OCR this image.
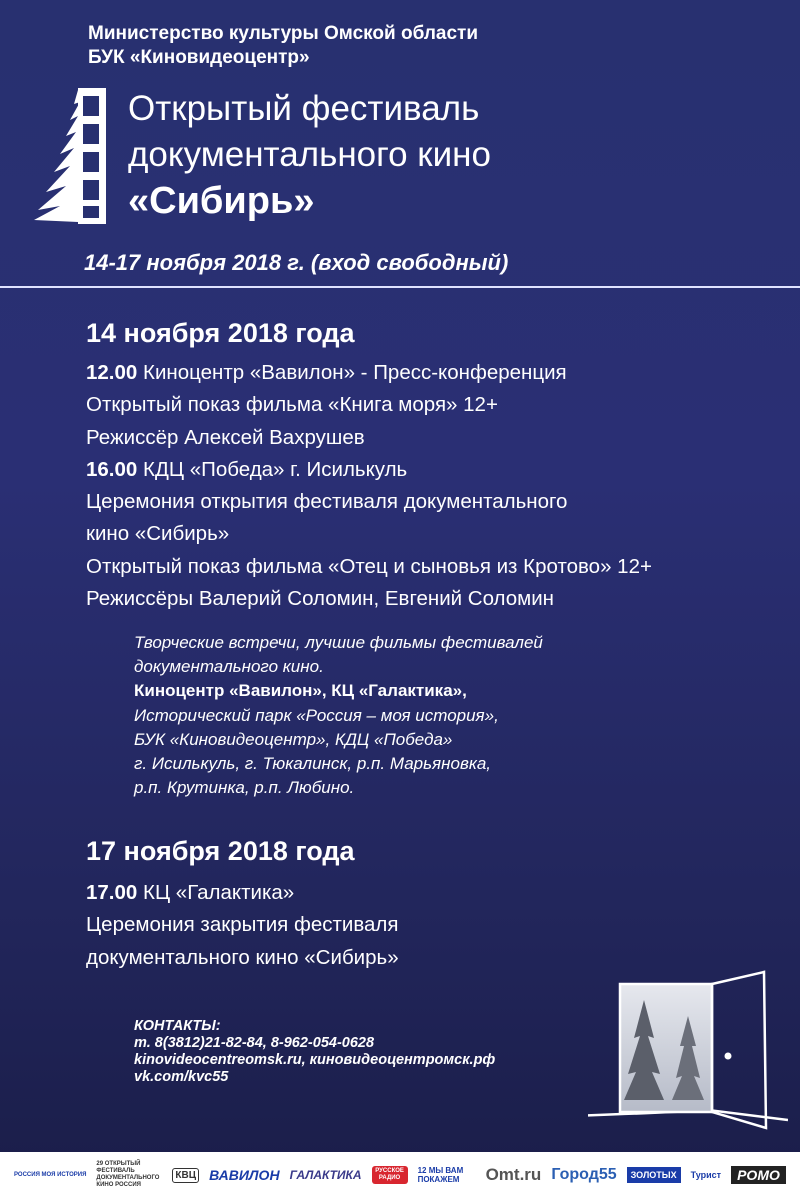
Министерство культуры Омской области
БУК «Киновидеоцентр»
Открытый фестиваль
документального кино
«Сибирь»
14-17 ноября 2018 г. (вход свободный)
14 ноября 2018 года
12.00 Киноцентр «Вавилон» - Пресс-конференция
Открытый показ фильма «Книга моря» 12+
Режиссёр Алексей Вахрушев
16.00 КДЦ «Победа» г. Исилькуль
Церемония открытия фестиваля документального
кино «Сибирь»
Открытый показ фильма «Отец и сыновья из Кротово» 12+
Режиссёры Валерий Соломин, Евгений Соломин
Творческие встречи, лучшие фильмы фестивалей
документального кино.
Киноцентр «Вавилон», КЦ «Галактика»,
Исторический парк «Россия – моя история»,
БУК «Киновидеоцентр», КДЦ «Победа»
г. Исилькуль, г. Тюкалинск, р.п. Марьяновка,
р.п. Крутинка, р.п. Любино.
17 ноября 2018 года
17.00 КЦ «Галактика»
Церемония закрытия фестиваля
документального кино «Сибирь»
КОНТАКТЫ:
т. 8(3812)21-82-84, 8-962-054-0628
kinovideocentreomsk.ru, киновидеоцентромск.рф
vk.com/kvc55
РОССИЯ МОЯ ИСТОРИЯ
29 ОТКРЫТЫЙ ФЕСТИВАЛЬ ДОКУМЕНТАЛЬНОГО КИНО РОССИЯ
КВЦ ВАВИЛОН ГАЛАКТИКА	РУССКОЕ РАДИО
12 МЫ ВАМ ПОКАЖЕМ	Omt.ru Город55	ЗОЛОТЫХ	Турист	РОМО
